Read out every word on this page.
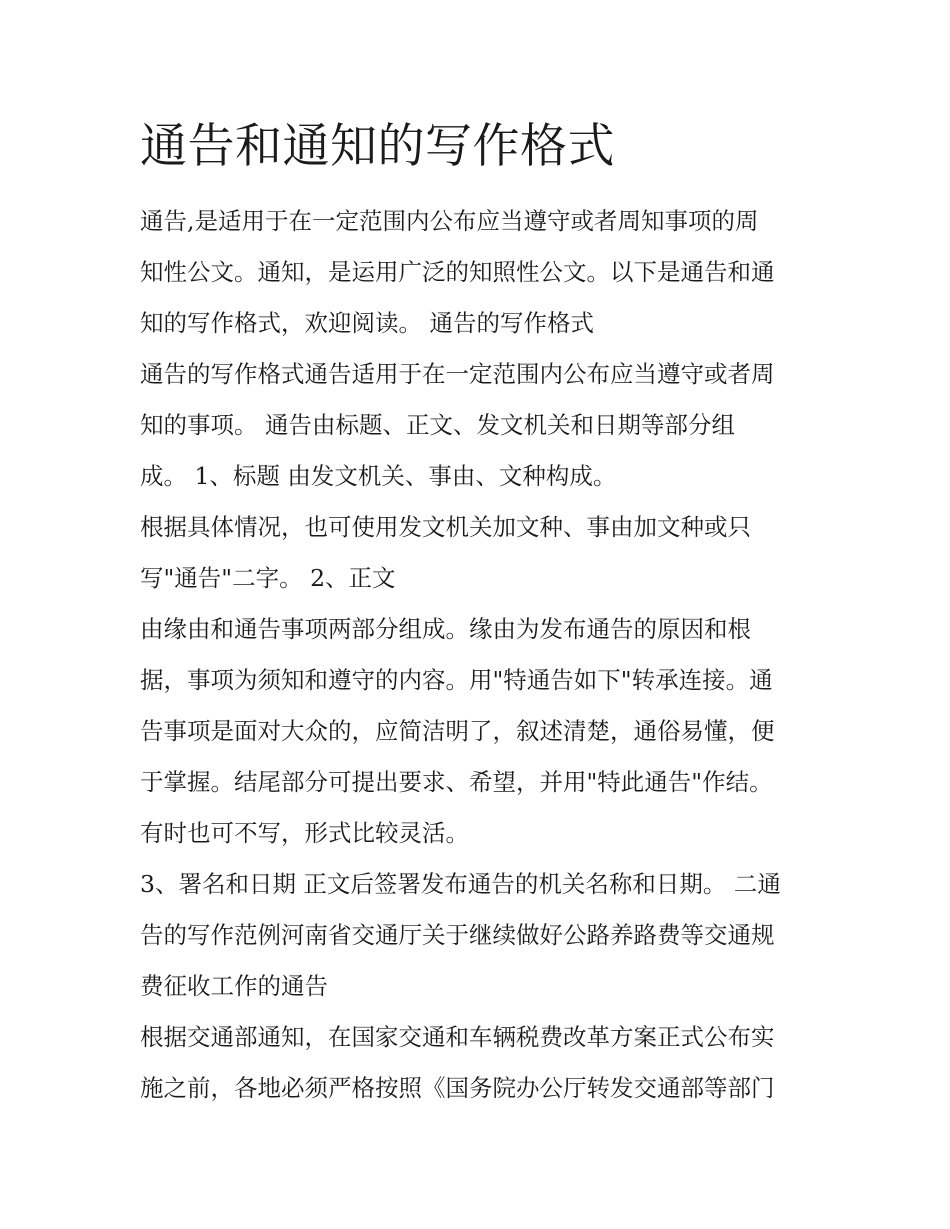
通告和通知的写作格式
通告,是适用于在一定范围内公布应当遵守或者周知事项的周
知性公文。通知，是运用广泛的知照性公文。以下是通告和通
知的写作格式，欢迎阅读。 通告的写作格式
通告的写作格式通告适用于在一定范围内公布应当遵守或者周
知的事项。 通告由标题、正文、发文机关和日期等部分组
成。 1、标题 由发文机关、事由、文种构成。
根据具体情况，也可使用发文机关加文种、事由加文种或只
写"通告"二字。 2、正文
由缘由和通告事项两部分组成。缘由为发布通告的原因和根
据，事项为须知和遵守的内容。用"特通告如下"转承连接。通
告事项是面对大众的，应简洁明了，叙述清楚，通俗易懂，便
于掌握。结尾部分可提出要求、希望，并用"特此通告"作结。
有时也可不写，形式比较灵活。
3、署名和日期 正文后签署发布通告的机关名称和日期。 二通
告的写作范例河南省交通厅关于继续做好公路养路费等交通规
费征收工作的通告
根据交通部通知，在国家交通和车辆税费改革方案正式公布实
施之前，各地必须严格按照《国务院办公厅转发交通部等部门
